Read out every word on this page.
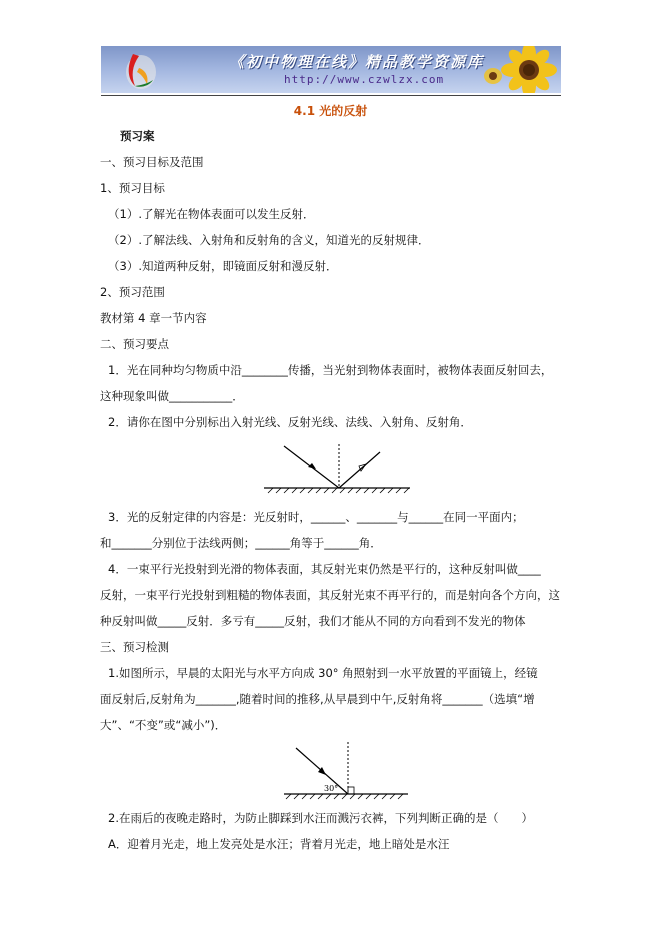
《初中物理在线》精品教学资源库
http://www.czwlzx.com
4.1 光的反射
预习案
一、预习目标及范围
1、预习目标
（1）.了解光在物体表面可以发生反射．
（2）.了解法线、入射角和反射角的含义，知道光的反射规律．
（3）.知道两种反射，即镜面反射和漫反射．
2、预习范围
教材第 4 章一节内容
二、预习要点
1．光在同种均匀物质中沿________传播，当光射到物体表面时，被物体表面反射回去，
这种现象叫做___________．
2．请你在图中分别标出入射光线、反射光线、法线、入射角、反射角．
3．光的反射定律的内容是：光反射时，______、_______与______在同一平面内；
和_______分别位于法线两侧；______角等于______角．
4．一束平行光投射到光滑的物体表面，其反射光束仍然是平行的，这种反射叫做____
反射，一束平行光投射到粗糙的物体表面，其反射光束不再平行的，而是射向各个方向，这
种反射叫做_____反射．多亏有_____反射，我们才能从不同的方向看到不发光的物体
三、预习检测
1.如图所示，早晨的太阳光与水平方向成 30° 角照射到一水平放置的平面镜上，经镜
面反射后,反射角为_______,随着时间的推移,从早晨到中午,反射角将_______（选填“增
大”、“不变”或“减小”)．
30°
2.在雨后的夜晚走路时，为防止脚踩到水汪而溅污衣裤，下列判断正确的是（　　）
A．迎着月光走，地上发亮处是水汪；背着月光走，地上暗处是水汪
